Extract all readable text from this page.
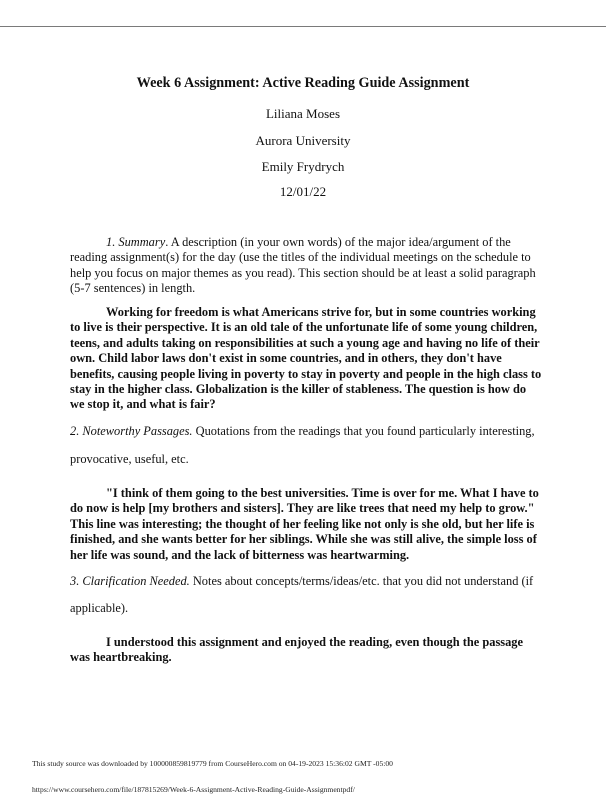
Week 6 Assignment: Active Reading Guide Assignment
Liliana Moses
Aurora University
Emily Frydrych
12/01/22

1. Summary. A description (in your own words) of the major idea/argument of the reading assignment(s) for the day (use the titles of the individual meetings on the schedule to help you focus on major themes as you read). This section should be at least a solid paragraph (5-7 sentences) in length.

Working for freedom is what Americans strive for, but in some countries working to live is their perspective. It is an old tale of the unfortunate life of some young children, teens, and adults taking on responsibilities at such a young age and having no life of their own. Child labor laws don't exist in some countries, and in others, they don't have benefits, causing people living in poverty to stay in poverty and people in the high class to stay in the higher class. Globalization is the killer of stableness. The question is how do we stop it, and what is fair?

2. Noteworthy Passages. Quotations from the readings that you found particularly interesting,

provocative, useful, etc.

"I think of them going to the best universities. Time is over for me. What I have to do now is help [my brothers and sisters]. They are like trees that need my help to grow." This line was interesting; the thought of her feeling like not only is she old, but her life is finished, and she wants better for her siblings. While she was still alive, the simple loss of her life was sound, and the lack of bitterness was heartwarming.

3. Clarification Needed. Notes about concepts/terms/ideas/etc. that you did not understand (if

applicable).

I understood this assignment and enjoyed the reading, even though the passage was heartbreaking.

This study source was downloaded by 100000859819779 from CourseHero.com on 04-19-2023 15:36:02 GMT -05:00
https://www.coursehero.com/file/187815269/Week-6-Assignment-Active-Reading-Guide-Assignmentpdf/
